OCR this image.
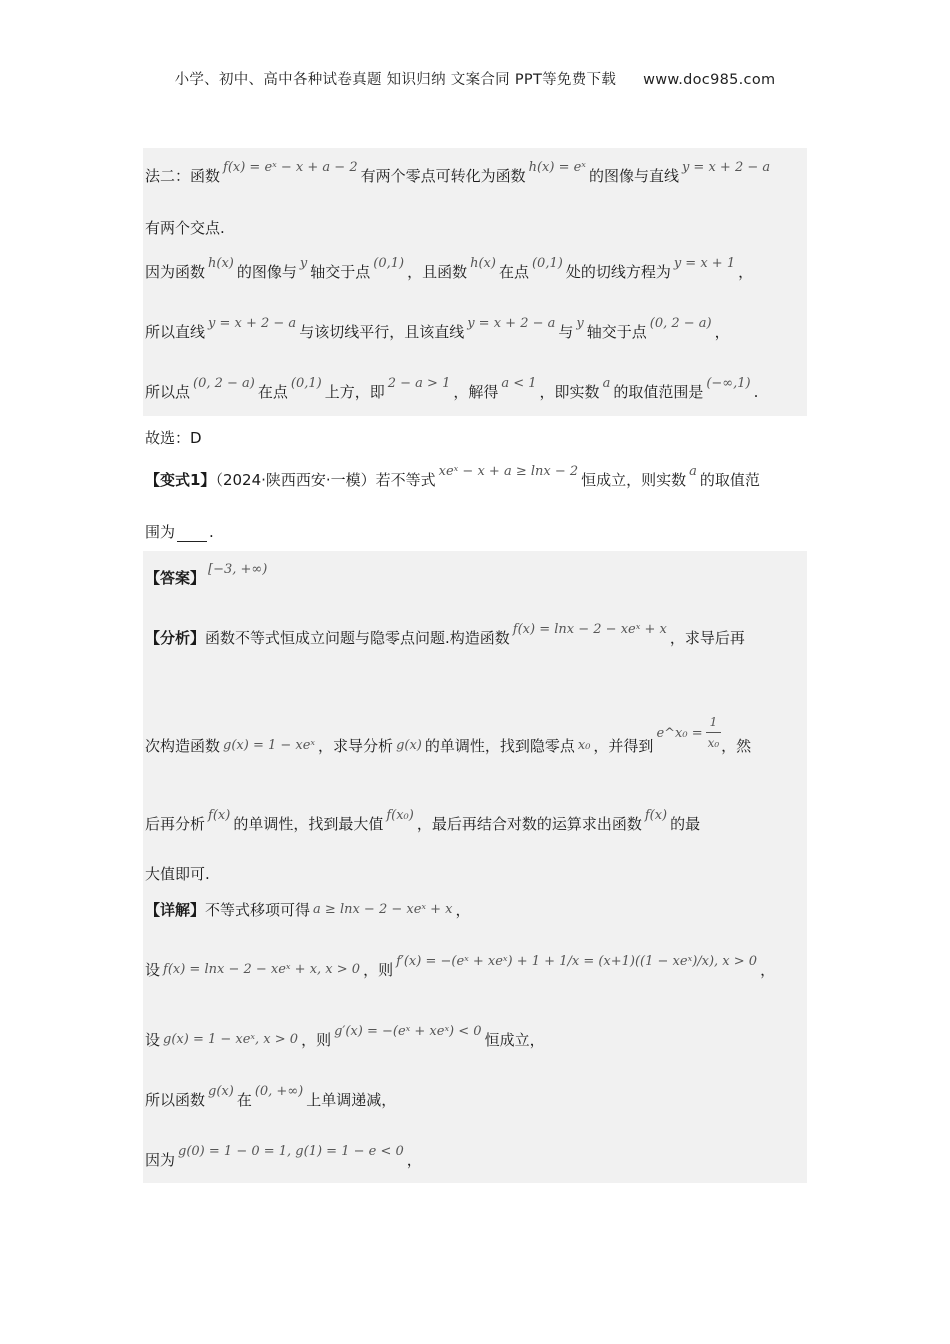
小学、初中、高中各种试卷真题 知识归纳 文案合同 PPT等免费下载 www.doc985.com
法二：函数 f(x) = eˣ − x + a − 2 有两个零点可转化为函数 h(x) = eˣ 的图像与直线 y = x + 2 − a
有两个交点.
因为函数 h(x) 的图像与 y 轴交于点 (0,1) ，且函数 h(x) 在点 (0,1) 处的切线方程为 y = x + 1 ，
所以直线 y = x + 2 − a 与该切线平行，且该直线 y = x + 2 − a 与 y 轴交于点 (0, 2 − a) ，
所以点 (0, 2 − a) 在点 (0,1) 上方，即 2 − a > 1 ，解得 a < 1 ，即实数 a 的取值范围是 (−∞,1) .
故选：D
【变式1】（2024·陕西西安·一模）若不等式 xeˣ − x + a ≥ lnx − 2 恒成立，则实数 a 的取值范
围为 .
【答案】 [−3, +∞)
【分析】函数不等式恒成立问题与隐零点问题.构造函数 f(x) = lnx − 2 − xeˣ + x ，求导后再
次构造函数 g(x) = 1 − xeˣ ，求导分析 g(x) 的单调性，找到隐零点 x₀ ，并得到e^x₀ = $\frac{1}{\text{x₀}}$ ，然
后再分析 f(x) 的单调性，找到最大值 f(x₀) ，最后再结合对数的运算求出函数 f(x) 的最
大值即可.
【详解】不等式移项可得 a ≥ lnx − 2 − xeˣ + x ，
设 f(x) = lnx − 2 − xeˣ + x, x > 0 ，则 f′(x) = −(eˣ + xeˣ) + 1 + 1/x = (x+1)((1 − xeˣ)/x), x > 0 ，
设 g(x) = 1 − xeˣ, x > 0 ，则 g′(x) = −(eˣ + xeˣ) < 0 恒成立，
所以函数 g(x) 在 (0, +∞) 上单调递减，
因为 g(0) = 1 − 0 = 1, g(1) = 1 − e < 0 ，
